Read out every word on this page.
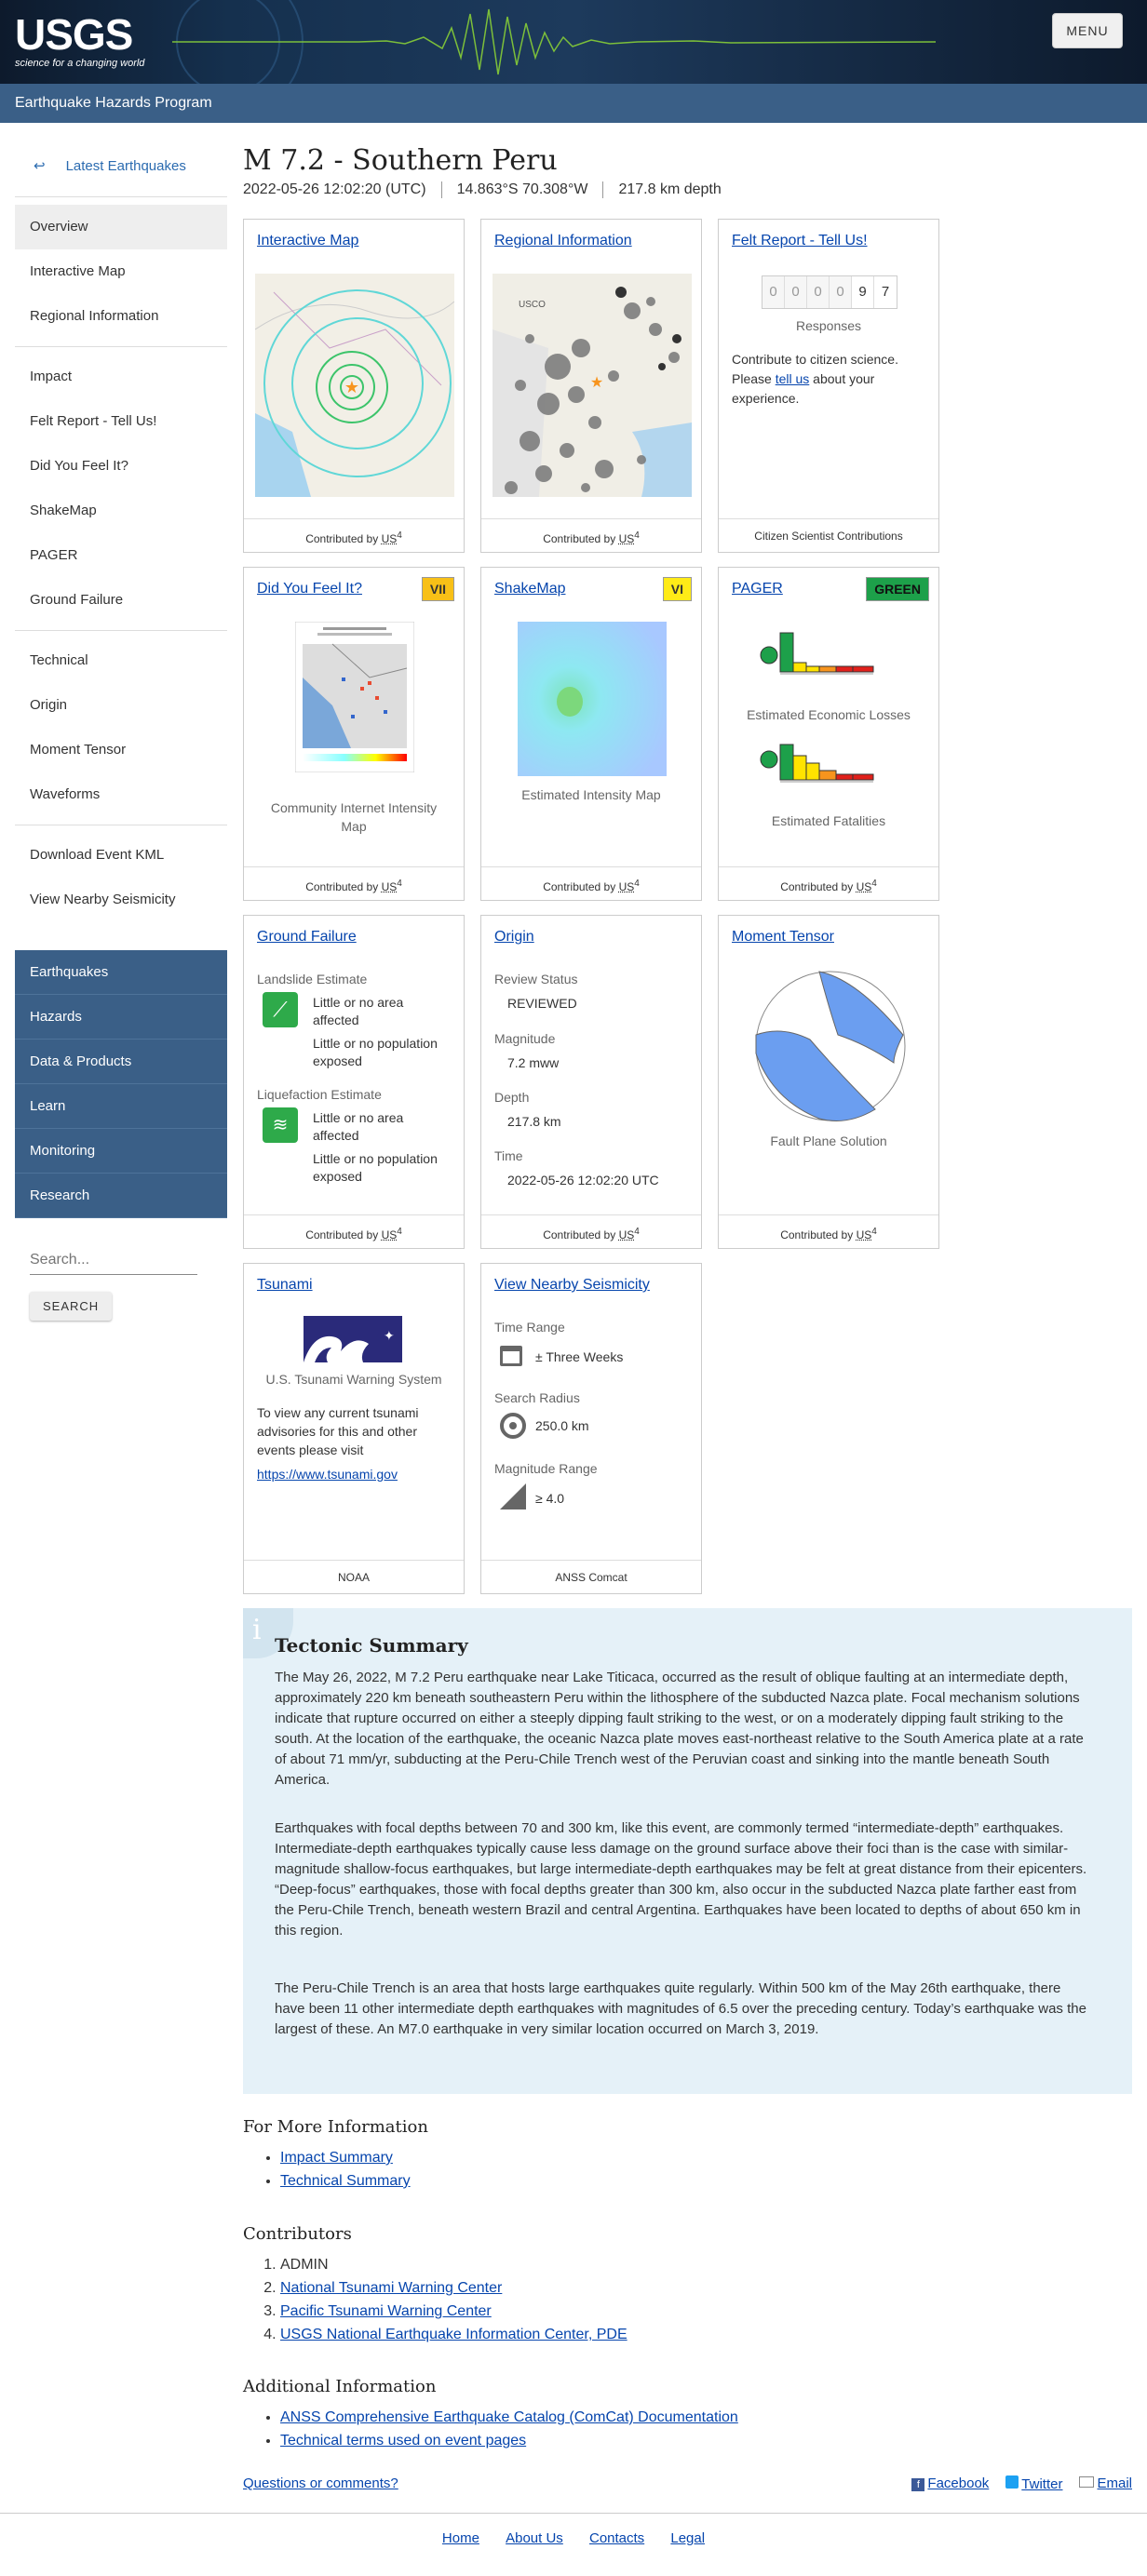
USGS
science for a changing world
MENU
Earthquake Hazards Program
↩ Latest Earthquakes
Overview
Interactive Map
Regional Information
Impact
Felt Report - Tell Us!
Did You Feel It?
ShakeMap
PAGER
Ground Failure
Technical
Origin
Moment Tensor
Waveforms
Download Event KML
View Nearby Seismicity
Earthquakes
Hazards
Data & Products
Learn
Monitoring
Research
Search...
SEARCH
M 7.2 - Southern Peru
2022-05-26 12:02:20 (UTC)	14.863°S 70.308°W	217.8 km depth
Interactive Map
★
Contributed by $US^4$
Regional Information
USCO
★
Contributed by $US^4$
Felt Report - Tell Us!
0	0	0	0	9	7
Responses
Contribute to citizen science. Please tell us about your experience.
Citizen Scientist Contributions
Did You Feel It?	VII
Community Internet Intensity Map
Contributed by $US^4$
ShakeMap	VI
Estimated Intensity Map
Contributed by $US^4$
PAGER	GREEN
Estimated Economic Losses
Estimated Fatalities
Contributed by $US^4$
Ground Failure
Landslide Estimate
⟋	Little or no area affected
Little or no population exposed
Liquefaction Estimate
≋	Little or no area affected
Little or no population exposed
Contributed by $US^4$
Origin
Review Status
REVIEWED
Magnitude
7.2 mww
Depth
217.8 km
Time
2022-05-26 12:02:20 UTC
Contributed by $US^4$
Moment Tensor
Fault Plane Solution
Contributed by $US^4$
Tsunami
✦
U.S. Tsunami Warning System
To view any current tsunami advisories for this and other events please visit
https://www.tsunami.gov
NOAA
View Nearby Seismicity
Time Range
± Three Weeks
Search Radius
250.0 km
Magnitude Range
≥ 4.0
ANSS Comcat
i Tectonic Summary

The May 26, 2022, M 7.2 Peru earthquake near Lake Titicaca, occurred as the result of oblique faulting at an intermediate depth, approximately 220 km beneath southeastern Peru within the lithosphere of the subducted Nazca plate. Focal mechanism solutions indicate that rupture occurred on either a steeply dipping fault striking to the west, or on a moderately dipping fault striking to the south. At the location of the earthquake, the oceanic Nazca plate moves east-northeast relative to the South America plate at a rate of about 71 mm/yr, subducting at the Peru-Chile Trench west of the Peruvian coast and sinking into the mantle beneath South America.

Earthquakes with focal depths between 70 and 300 km, like this event, are commonly termed “intermediate-depth” earthquakes. Intermediate-depth earthquakes typically cause less damage on the ground surface above their foci than is the case with similar-magnitude shallow-focus earthquakes, but large intermediate-depth earthquakes may be felt at great distance from their epicenters. “Deep-focus” earthquakes, those with focal depths greater than 300 km, also occur in the subducted Nazca plate farther east from the Peru-Chile Trench, beneath western Brazil and central Argentina. Earthquakes have been located to depths of about 650 km in this region.

The Peru-Chile Trench is an area that hosts large earthquakes quite regularly. Within 500 km of the May 26th earthquake, there have been 11 other intermediate depth earthquakes with magnitudes of 6.5 over the preceding century. Today’s earthquake was the largest of these. An M7.0 earthquake in very similar location occurred on March 3, 2019.

For More Information
• Impact Summary
• Technical Summary
Contributors
1. ADMIN
2. National Tsunami Warning Center
3. Pacific Tsunami Warning Center
4. USGS National Earthquake Information Center, PDE
Additional Information
• ANSS Comprehensive Earthquake Catalog (ComCat) Documentation
• Technical terms used on event pages
Questions or comments?	f Facebook	Twitter	Email
Home About Us Contacts Legal
